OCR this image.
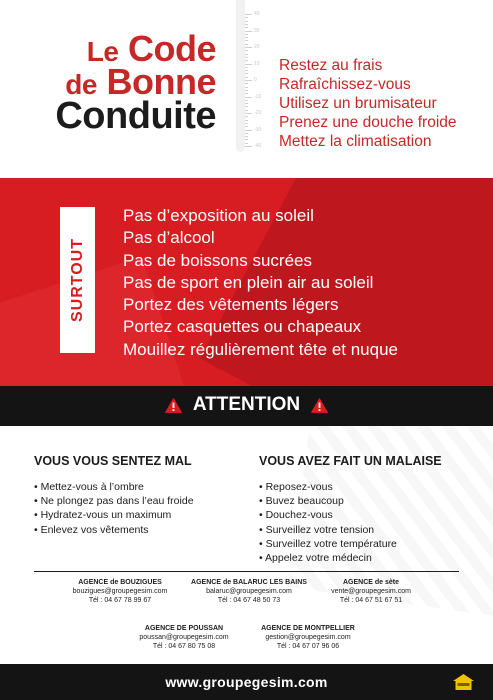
40
30
20
10
0
-10
-20
-30
-40
Le Code
de Bonne
Conduite
Restez au frais
Rafraîchissez-vous
Utilisez un brumisateur
Prenez une douche froide
Mettez la climatisation
SURTOUT
Pas d’exposition au soleil
Pas d’alcool
Pas de boissons sucrées
Pas de sport en plein air au soleil
Portez des vêtements légers
Portez casquettes ou chapeaux
Mouillez régulièrement tête et nuque
ATTENTION
VOUS VOUS SENTEZ MAL
• Mettez-vous à l’ombre
• Ne plongez pas dans l’eau froide
• Hydratez-vous un maximum
• Enlevez vos vêtements
VOUS AVEZ FAIT UN MALAISE
• Reposez-vous
• Buvez beaucoup
• Douchez-vous
• Surveillez votre tension
• Surveillez votre température
• Appelez votre médecin
AGENCE de BOUZIGUES
bouzigues@groupegesim.com
Tél : 04 67 78 99 67
AGENCE de BALARUC LES BAINS
balaruc@groupegesim.com
Tél : 04 67 48 50 73
AGENCE de sète
vente@groupegesim.com
Tél : 04 67 51 67 51
AGENCE DE POUSSAN
poussan@groupegesim.com
Tél : 04 67 80 75 08
AGENCE DE MONTPELLIER
gestion@groupegesim.com
Tél : 04 67 07 96 06
www.groupegesim.com
